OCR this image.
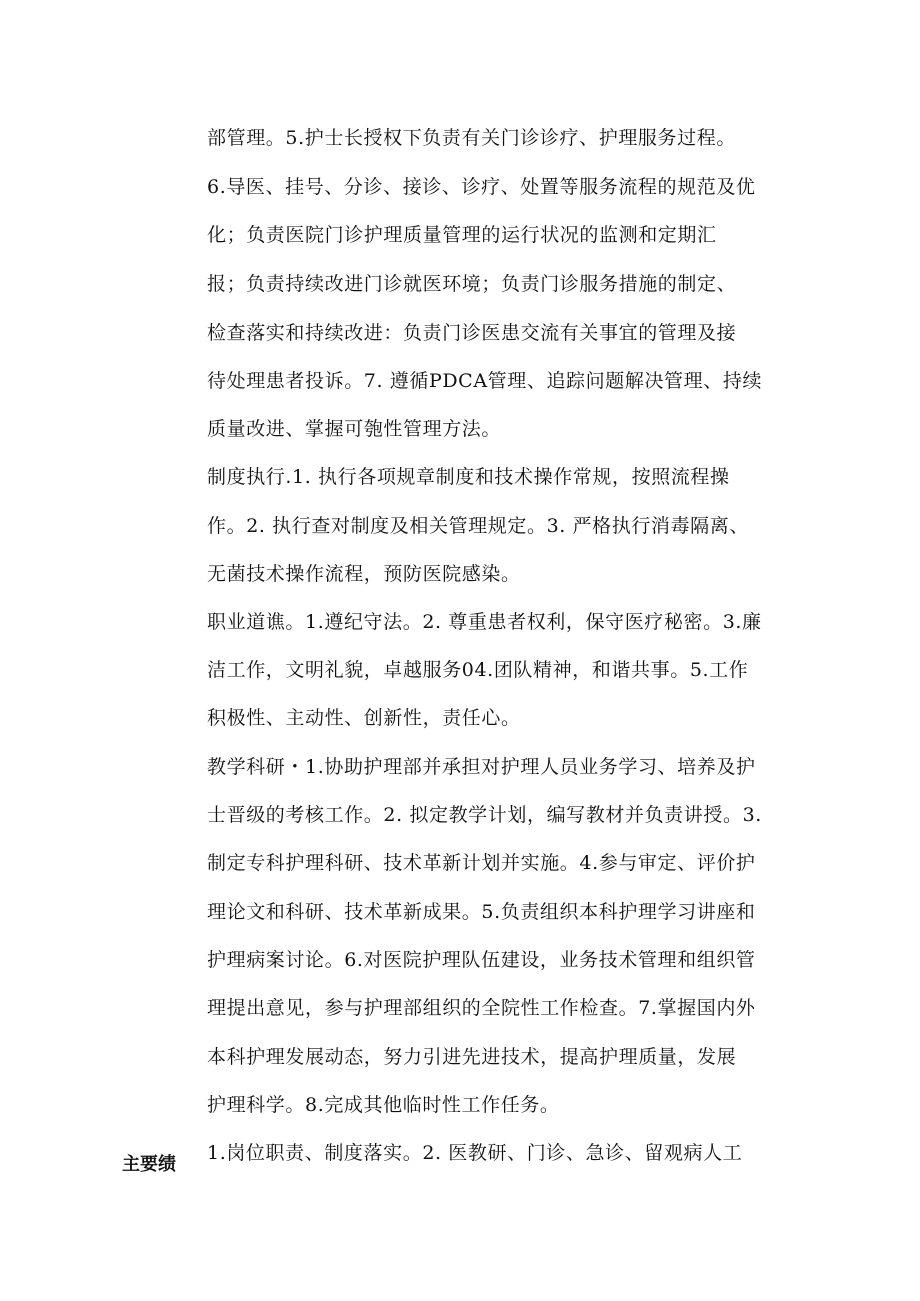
部管理。5.护士长授权下负责有关门诊诊疗、护理服务过程。
6.导医、挂号、分诊、接诊、诊疗、处置等服务流程的规范及优
化；负责医院门诊护理质量管理的运行状况的监测和定期汇
报；负责持续改进门诊就医环境；负责门诊服务措施的制定、
检查落实和持续改进：负责门诊医患交流有关事宜的管理及接
待处理患者投诉。7. 遵循PDCA管理、追踪问题解决管理、持续
质量改进、掌握可匏性管理方法。
制度执行.1. 执行各项规章制度和技术操作常规，按照流程操
作。2. 执行查对制度及相关管理规定。3. 严格执行消毒隔离、
无菌技术操作流程，预防医院感染。
职业道谯。1.遵纪守法。2. 尊重患者权利，保守医疗秘密。3.廉
洁工作，文明礼貌，卓越服务04.团队精神，和谐共事。5.工作
积极性、主动性、创新性，责任心。
教学科研・1.协助护理部并承担对护理人员业务学习、培养及护
士晋级的考核工作。2. 拟定教学计划，编写教材并负责讲授。3.
制定专科护理科研、技术革新计划并实施。4.参与审定、评价护
理论文和科研、技术革新成果。5.负责组织本科护理学习讲座和
护理病案讨论。6.对医院护理队伍建设，业务技术管理和组织管
理提出意见，参与护理部组织的全院性工作检查。7.掌握国内外
本科护理发展动态，努力引进先进技术，提高护理质量，发展
护理科学。8.完成其他临时性工作任务。
主要绩
1.岗位职责、制度落实。2. 医教研、门诊、急诊、留观病人工
